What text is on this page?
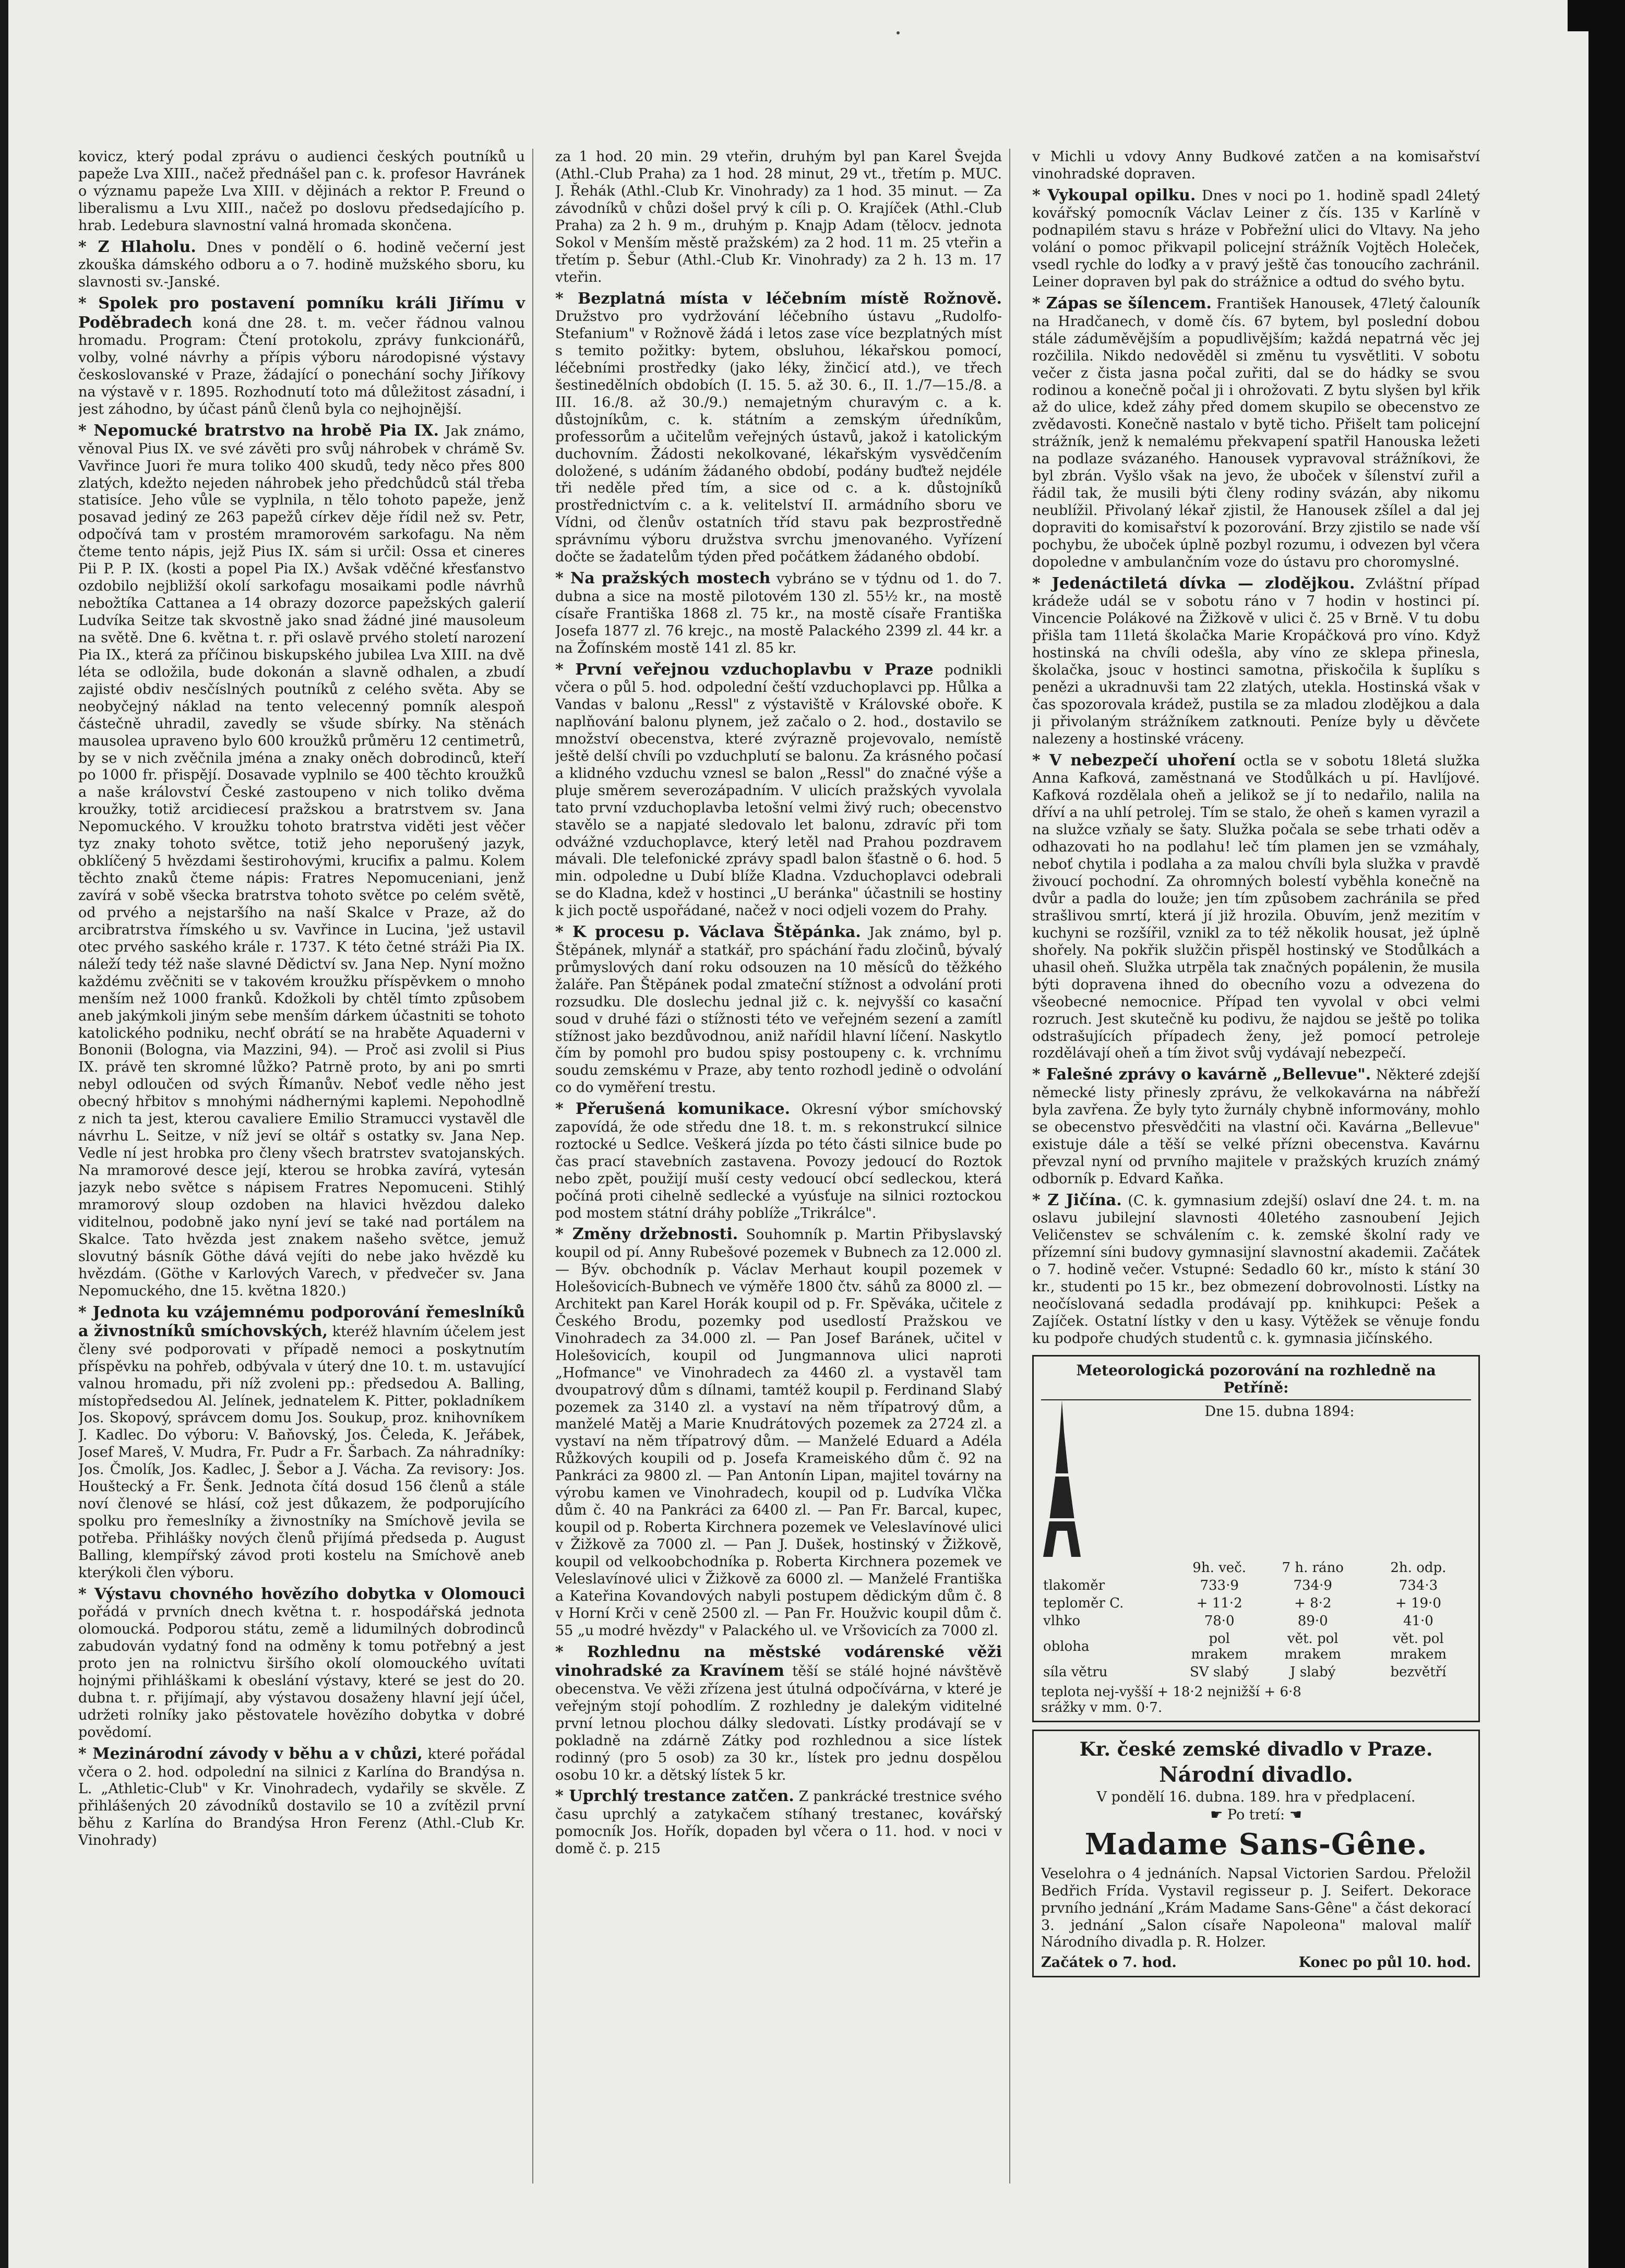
kovicz, který podal zprávu o audienci českých poutníků u papeže Lva XIII., načež přednášel pan c. k. profesor Havránek o významu papeže Lva XIII. v dějinách a rektor P. Freund o liberalismu a Lvu XIII., načež po doslovu předsedajícího p. hrab. Ledebura slavnostní valná hromada skončena.

* Z Hlaholu. Dnes v pondělí o 6. hodině večerní jest zkouška dámského odboru a o 7. hodině mužského sboru, ku slavnosti sv.-Janské.

* Spolek pro postavení pomníku králi Jiřímu v Poděbradech koná dne 28. t. m. večer řádnou valnou hromadu. Program: Čtení protokolu, zprávy funkcionářů, volby, volné návrhy a přípis výboru národopisné výstavy českoslovanské v Praze, žádající o ponechání sochy Jiříkovy na výstavě v r. 1895. Rozhodnutí toto má důležitost zásadní, i jest záhodno, by účast pánů členů byla co nejhojnější.

* Nepomucké bratrstvo na hrobě Pia IX. Jak známo, věnoval Pius IX. ve své závěti pro svůj náhrobek v chrámě Sv. Vavřince Juori ře mura toliko 400 skudů, tedy něco přes 800 zlatých, kdežto nejeden náhrobek jeho předchůdců stál třeba statisíce. Jeho vůle se vyplnila, n tělo tohoto papeže, jenž posavad jediný ze 263 papežů církev děje řídil než sv. Petr, odpočívá tam v prostém mramorovém sarkofagu. Na něm čteme tento nápis, jejž Pius IX. sám si určil: Ossa et cineres Pii P. P. IX. (kosti a popel Pia IX.) Avšak vděčné křesťanstvo ozdobilo nejbližší okolí sarkofagu mosaikami podle návrhů nebožtíka Cattanea a 14 obrazy dozorce papežských galerií Ludvíka Seitze tak skvostně jako snad žádné jiné mausoleum na světě. Dne 6. května t. r. při oslavě prvého století narození Pia IX., která za příčinou biskupského jubilea Lva XIII. na dvě léta se odložila, bude dokonán a slavně odhalen, a zbudí zajisté obdiv nesčíslných poutníků z celého světa. Aby se neobyčejný náklad na tento velecenný pomník alespoň částečně uhradil, zavedly se všude sbírky. Na stěnách mausolea upraveno bylo 600 kroužků průměru 12 centimetrů, by se v nich zvěčnila jména a znaky oněch dobrodinců, kteří po 1000 fr. přispějí. Dosavade vyplnilo se 400 těchto kroužků a naše království České zastoupeno v nich toliko dvěma kroužky, totiž arcidiecesí pražskou a bratrstvem sv. Jana Nepomuckého. V kroužku tohoto bratrstva viděti jest věčer tyz znaky tohoto světce, totiž jeho neporušený jazyk, obklíčený 5 hvězdami šestirohovými, krucifix a palmu. Kolem těchto znaků čteme nápis: Fratres Nepomuceniani, jenž zavírá v sobě všecka bratrstva tohoto světce po celém světě, od prvého a nejstaršího na naší Skalce v Praze, až do arcibratrstva římského u sv. Vavřince in Lucina, 'jež ustavil otec prvého saského krále r. 1737. K této četné stráži Pia IX. náleží tedy též naše slavné Dědictví sv. Jana Nep. Nyní možno každému zvěčniti se v takovém kroužku příspěvkem o mnoho menším než 1000 franků. Kdožkoli by chtěl tímto způsobem aneb jakýmkoli jiným sebe menším dárkem účastniti se tohoto katolického podniku, nechť obrátí se na hraběte Aquaderni v Bononii (Bologna, via Mazzini, 94). — Proč asi zvolil si Pius IX. právě ten skromné lůžko? Patrně proto, by ani po smrti nebyl odloučen od svých Římanův. Neboť vedle něho jest obecný hřbitov s mnohými nádhernými kaplemi. Nepohodlně z nich ta jest, kterou cavaliere Emilio Stramucci vystavěl dle návrhu L. Seitze, v níž jeví se oltář s ostatky sv. Jana Nep. Vedle ní jest hrobka pro členy všech bratrstev svatojanských. Na mramorové desce její, kterou se hrobka zavírá, vytesán jazyk nebo světce s nápisem Fratres Nepomuceni. Stihlý mramorový sloup ozdoben na hlavici hvězdou daleko viditelnou, podobně jako nyní jeví se také nad portálem na Skalce. Tato hvězda jest znakem našeho světce, jemuž slovutný básník Göthe dává vejíti do nebe jako hvězdě ku hvězdám. (Göthe v Karlových Varech, v předvečer sv. Jana Nepomuckého, dne 15. května 1820.)

* Jednota ku vzájemnému podporování řemeslníků a živnostníků smíchovských, kteréž hlavním účelem jest členy své podporovati v případě nemoci a poskytnutím příspěvku na pohřeb, odbývala v úterý dne 10. t. m. ustavující valnou hromadu, při níž zvoleni pp.: předsedou A. Balling, místopředsedou Al. Jelínek, jednatelem K. Pitter, pokladníkem Jos. Skopový, správcem domu Jos. Soukup, proz. knihovníkem J. Kadlec. Do výboru: V. Baňovský, Jos. Čeleda, K. Jeřábek, Josef Mareš, V. Mudra, Fr. Pudr a Fr. Šarbach. Za náhradníky: Jos. Čmolík, Jos. Kadlec, J. Šebor a J. Vácha. Za revisory: Jos. Houštecký a Fr. Šenk. Jednota čítá dosud 156 členů a stále noví členové se hlásí, což jest důkazem, že podporujícího spolku pro řemeslníky a živnostníky na Smíchově jevila se potřeba. Přihlášky nových členů přijímá předseda p. August Balling, klempířský závod proti kostelu na Smíchově aneb kterýkoli člen výboru.

* Výstavu chovného hovězího dobytka v Olomouci pořádá v prvních dnech května t. r. hospodářská jednota olomoucká. Podporou státu, země a lidumilných dobrodinců zabudován vydatný fond na odměny k tomu potřebný a jest proto jen na rolnictvu širšího okolí olomouckého uvítati hojnými přihláškami k obeslání výstavy, které se jest do 20. dubna t. r. přijímají, aby výstavou dosaženy hlavní její účel, udržeti rolníky jako pěstovatele hovězího dobytka v dobré povědomí.

* Mezinárodní závody v běhu a v chůzi, které pořádal včera o 2. hod. odpolední na silnici z Karlína do Brandýsa n. L. „Athletic-Club" v Kr. Vinohradech, vydařily se skvěle. Z přihlášených 20 závodníků dostavilo se 10 a zvítězil první běhu z Karlína do Brandýsa Hron Ferenz (Athl.-Club Kr. Vinohrady)

za 1 hod. 20 min. 29 vteřin, druhým byl pan Karel Švejda (Athl.-Club Praha) za 1 hod. 28 minut, 29 vt., třetím p. MUC. J. Řehák (Athl.-Club Kr. Vinohrady) za 1 hod. 35 minut. — Za závodníků v chůzi došel prvý k cíli p. O. Krajíček (Athl.-Club Praha) za 2 h. 9 m., druhým p. Knajp Adam (tělocv. jednota Sokol v Menším městě pražském) za 2 hod. 11 m. 25 vteřin a třetím p. Šebur (Athl.-Club Kr. Vinohrady) za 2 h. 13 m. 17 vteřin.

* Bezplatná místa v léčebním místě Rožnově. Družstvo pro vydržování léčebního ústavu „Rudolfo-Stefanium" v Rožnově žádá i letos zase více bezplatných míst s temito požitky: bytem, obsluhou, lékařskou pomocí, léčebními prostředky (jako léky, žinčicí atd.), ve třech šestinedělních obdobích (I. 15. 5. až 30. 6., II. 1./7—15./8. a III. 16./8. až 30./9.) nemajetným churavým c. a k. důstojníkům, c. k. státním a zemským úředníkům, professorům a učitelům veřejných ústavů, jakož i katolickým duchovním. Žádosti nekolkované, lékařským vysvědčením doložené, s udáním žádaného období, podány buďtež nejdéle tři neděle před tím, a sice od c. a k. důstojníků prostřednictvím c. a k. velitelství II. armádního sboru ve Vídni, od členův ostatních tříd stavu pak bezprostředně správnímu výboru družstva svrchu jmenovaného. Vyřízení dočte se žadatelům týden před počátkem žádaného období.

* Na pražských mostech vybráno se v týdnu od 1. do 7. dubna a sice na mostě pilotovém 130 zl. 55½ kr., na mostě císaře Františka 1868 zl. 75 kr., na mostě císaře Františka Josefa 1877 zl. 76 krejc., na mostě Palackého 2399 zl. 44 kr. a na Žofínském mostě 141 zl. 85 kr.

* První veřejnou vzduchoplavbu v Praze podnikli včera o půl 5. hod. odpolední čeští vzduchoplavci pp. Hůlka a Vandas v balonu „Ressl" z výstaviště v Královské oboře. K naplňování balonu plynem, jež začalo o 2. hod., dostavilo se množství obecenstva, které zvýrazně projevovalo, nemístě ještě delší chvíli po vzduchplutí se balonu. Za krásného počasí a klidného vzduchu vznesl se balon „Ressl" do značné výše a pluje směrem severozápadním. V ulicích pražských vyvolala tato první vzduchoplavba letošní velmi živý ruch; obecenstvo stavělo se a napjaté sledovalo let balonu, zdravíc při tom odvážné vzduchoplavce, který letěl nad Prahou pozdravem mávali. Dle telefonické zprávy spadl balon šťastně o 6. hod. 5 min. odpoledne u Dubí blíže Kladna. Vzduchoplavci odebrali se do Kladna, kdež v hostinci „U beránka" účastnili se hostiny k jich poctě uspořádané, načež v noci odjeli vozem do Prahy.

* K procesu p. Václava Štěpánka. Jak známo, byl p. Štěpánek, mlynář a statkář, pro spáchání řadu zločinů, bývalý průmyslových daní roku odsouzen na 10 měsíců do těžkého žaláře. Pan Štěpánek podal zmateční stížnost a odvolání proti rozsudku. Dle doslechu jednal již c. k. nejvyšší co kasační soud v druhé fázi o stížnosti této ve veřejném sezení a zamítl stížnost jako bezdůvodnou, aniž nařídil hlavní líčení. Naskytlo čím by pomohl pro budou spisy postoupeny c. k. vrchnímu soudu zemskému v Praze, aby tento rozhodl jedině o odvolání co do vyměření trestu.

* Přerušená komunikace. Okresní výbor smíchovský zapovídá, že ode středu dne 18. t. m. s rekonstrukcí silnice roztocké u Sedlce. Veškerá jízda po této části silnice bude po čas prací stavebních zastavena. Povozy jedoucí do Roztok nebo zpět, použijí muší cesty vedoucí obcí sedleckou, která počíná proti cihelně sedlecké a vyúsťuje na silnici roztockou pod mostem státní dráhy poblíže „Trikrálce".

* Změny držebnosti. Souhomník p. Martin Přibyslavský koupil od pí. Anny Rubešové pozemek v Bubnech za 12.000 zl. — Býv. obchodník p. Václav Merhaut koupil pozemek v Holešovicích-Bubnech ve výměře 1800 čtv. sáhů za 8000 zl. — Architekt pan Karel Horák koupil od p. Fr. Spěváka, učitele z Českého Brodu, pozemky pod usedlostí Pražskou ve Vinohradech za 34.000 zl. — Pan Josef Baránek, učitel v Holešovicích, koupil od Jungmannova ulici naproti „Hofmance" ve Vinohradech za 4460 zl. a vystavěl tam dvoupatrový dům s dílnami, tamtéž koupil p. Ferdinand Slabý pozemek za 3140 zl. a vystaví na něm třípatrový dům, a manželé Matěj a Marie Knudrátových pozemek za 2724 zl. a vystaví na něm třípatrový dům. — Manželé Eduard a Adéla Růžkových koupili od p. Josefa Krameiského dům č. 92 na Pankráci za 9800 zl. — Pan Antonín Lipan, majitel továrny na výrobu kamen ve Vinohradech, koupil od p. Ludvíka Vlčka dům č. 40 na Pankráci za 6400 zl. — Pan Fr. Barcal, kupec, koupil od p. Roberta Kirchnera pozemek ve Veleslavínové ulici v Žižkově za 7000 zl. — Pan J. Dušek, hostinský v Žižkově, koupil od velkoobchodníka p. Roberta Kirchnera pozemek ve Veleslavínové ulici v Žižkově za 6000 zl. — Manželé Františka a Kateřina Kovandových nabyli postupem dědickým dům č. 8 v Horní Krči v ceně 2500 zl. — Pan Fr. Houžvic koupil dům č. 55 „u modré hvězdy" v Palackého ul. ve Vršovicích za 7000 zl.

* Rozhlednu na městské vodárenské věži vinohradské za Kravínem těší se stálé hojné návštěvě obecenstva. Ve věži zřízena jest útulná odpočívárna, v které je veřejným stojí pohodlím. Z rozhledny je dalekým viditelné první letnou plochou dálky sledovati. Lístky prodávají se v pokladně na zdárně Zátky pod rozhlednou a sice lístek rodinný (pro 5 osob) za 30 kr., lístek pro jednu dospělou osobu 10 kr. a dětský lístek 5 kr.

* Uprchlý trestance zatčen. Z pankrácké trestnice svého času uprchlý a zatykačem stíhaný trestanec, kovářský pomocník Jos. Hořík, dopaden byl včera o 11. hod. v noci v domě č. p. 215

v Michli u vdovy Anny Budkové zatčen a na komisařství vinohradské dopraven.

* Vykoupal opilku. Dnes v noci po 1. hodině spadl 24letý kovářský pomocník Václav Leiner z čís. 135 v Karlíně v podnapilém stavu s hráze v Pobřežní ulici do Vltavy. Na jeho volání o pomoc přikvapil policejní strážník Vojtěch Holeček, vsedl rychle do loďky a v pravý ještě čas tonoucího zachránil. Leiner dopraven byl pak do strážnice a odtud do svého bytu.

* Zápas se šílencem. František Hanousek, 47letý čalouník na Hradčanech, v domě čís. 67 bytem, byl poslední dobou stále záduměvějším a popudlivějším; každá nepatrná věc jej rozčilila. Nikdo nedověděl si změnu tu vysvětliti. V sobotu večer z čista jasna počal zuřiti, dal se do hádky se svou rodinou a konečně počal ji i ohrožovati. Z bytu slyšen byl křik až do ulice, kdež záhy před domem skupilo se obecenstvo ze zvědavosti. Konečně nastalo v bytě ticho. Přišelt tam policejní strážník, jenž k nemalému překvapení spatřil Hanouska ležeti na podlaze svázaného. Hanousek vypravoval strážníkovi, že byl zbrán. Vyšlo však na jevo, že uboček v šílenství zuřil a řádil tak, že musili býti členy rodiny svázán, aby nikomu neublížil. Přivolaný lékař zjistil, že Hanousek zšílel a dal jej dopraviti do komisařství k pozorování. Brzy zjistilo se nade vší pochybu, že uboček úplně pozbyl rozumu, i odvezen byl včera dopoledne v ambulančním voze do ústavu pro choromyslné.

* Jedenáctiletá dívka — zlodějkou. Zvláštní případ krádeže udál se v sobotu ráno v 7 hodin v hostinci pí. Vincencie Polákové na Žižkově v ulici č. 25 v Brně. V tu dobu přišla tam 11letá školačka Marie Kropáčková pro víno. Když hostinská na chvíli odešla, aby víno ze sklepa přinesla, školačka, jsouc v hostinci samotna, přiskočila k šuplíku s penězi a ukradnuvši tam 22 zlatých, utekla. Hostinská však v čas spozorovala krádež, pustila se za mladou zlodějkou a dala ji přivolaným strážníkem zatknouti. Peníze byly u děvčete nalezeny a hostinské vráceny.

* V nebezpečí uhoření octla se v sobotu 18letá služka Anna Kafková, zaměstnaná ve Stodůlkách u pí. Havlíjové. Kafková rozdělala oheň a jelikož se jí to nedařilo, nalila na dříví a na uhlí petrolej. Tím se stalo, že oheň s kamen vyrazil a na služce vzňaly se šaty. Služka počala se sebe trhati oděv a odhazovati ho na podlahu! leč tím plamen jen se vzmáhaly, neboť chytila i podlaha a za malou chvíli byla služka v pravdě živoucí pochodní. Za ohromných bolestí vyběhla konečně na dvůr a padla do louže; jen tím způsobem zachránila se před strašlivou smrtí, která jí již hrozila. Obuvím, jenž mezitím v kuchyni se rozšířil, vznikl za to též několik housat, jež úplně shořely. Na pokřik služčin přispěl hostinský ve Stodůlkách a uhasil oheň. Služka utrpěla tak značných popálenin, že musila býti dopravena ihned do obecního vozu a odvezena do všeobecné nemocnice. Případ ten vyvolal v obci velmi rozruch. Jest skutečně ku podivu, že najdou se ještě po tolika odstrašujících případech ženy, jež pomocí petroleje rozdělávají oheň a tím život svůj vydávají nebezpečí.

* Falešné zprávy o kavárně „Bellevue". Některé zdejší německé listy přinesly zprávu, že velkokavárna na nábřeží byla zavřena. Že byly tyto žurnály chybně informovány, mohlo se obecenstvo přesvědčiti na vlastní oči. Kavárna „Bellevue" existuje dále a těší se velké přízni obecenstva. Kavárnu převzal nyní od prvního majitele v pražských kruzích známý odborník p. Edvard Kaňka.

* Z Jičína. (C. k. gymnasium zdejší) oslaví dne 24. t. m. na oslavu jubilejní slavnosti 40letého zasnoubení Jejich Veličenstev se schválením c. k. zemské školní rady ve přízemní síni budovy gymnasijní slavnostní akademii. Začátek o 7. hodině večer. Vstupné: Sedadlo 60 kr., místo k stání 30 kr., studenti po 15 kr., bez obmezení dobrovolnosti. Lístky na neočíslovaná sedadla prodávají pp. knihkupci: Pešek a Zajíček. Ostatní lístky v den u kasy. Výtěžek se věnuje fondu ku podpoře chudých studentů c. k. gymnasia jičínského.

Meteorologická pozorování na rozhledně na Petříně:
Dne 15. dubna 1894:
	9h. več.	7 h. ráno	2h. odp.
tlakoměr	733·9	734·9	734·3
teploměr C.	+ 11·2	+ 8·2	+ 19·0
vlhko	78·0	89·0	41·0
obloha	pol mrakem	vět. pol mrakem	vět. pol mrakem
síla větru	SV slabý	J slabý	bezvětří
teplota nej-vyšší + 18·2 nejnižší + 6·8
srážky v mm. 0·7.
Kr. české zemské divadlo v Praze.
Národní divadlo.
V pondělí 16. dubna. 189. hra v předplacení.
☛ Po tretí: ☚
Madame Sans-Gêne.
Veselohra o 4 jednáních. Napsal Victorien Sardou. Přeložil Bedřich Frída. Vystavil regisseur p. J. Seifert. Dekorace prvního jednání „Krám Madame Sans-Gêne" a část dekorací 3. jednání „Salon císaře Napoleona" maloval malíř Národního divadla p. R. Holzer.
Začátek o 7. hod.	Konec po půl 10. hod.
